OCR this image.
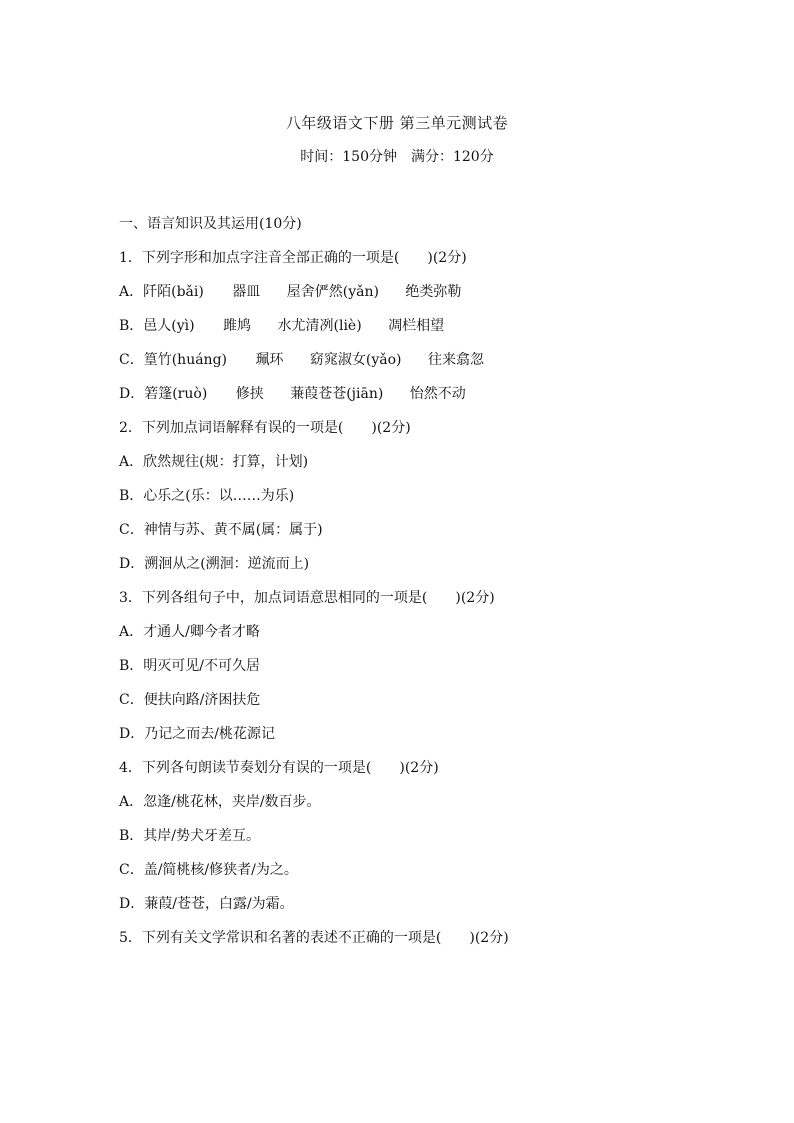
八年级语文下册 第三单元测试卷
时间：150分钟　满分：120分
一、语言知识及其运用(10分)
1．下列字形和加点字注音全部正确的一项是(　　)(2分)
A．阡陌(bǎi) 器皿 屋舍俨然(yǎn) 绝类弥勒
B．邑人(yì) 雎鸠 水尤清冽(liè) 凋栏相望
C．篁竹(huáng) 珮环 窈窕淑女(yǎo) 往来翕忽
D．箬篷(ruò) 修挟 蒹葭苍苍(jiān) 怡然不动
2．下列加点词语解释有误的一项是(　　)(2分)
A．欣然规往(规：打算，计划)
B．心乐之(乐：以……为乐)
C．神情与苏、黄不属(属：属于)
D．溯洄从之(溯洄：逆流而上)
3．下列各组句子中，加点词语意思相同的一项是(　　)(2分)
A．才通人/卿今者才略
B．明灭可见/不可久居
C．便扶向路/济困扶危
D．乃记之而去/桃花源记
4．下列各句朗读节奏划分有误的一项是(　　)(2分)
A．忽逢/桃花林，夹岸/数百步。
B．其岸/势犬牙差互。
C．盖/简桃核/修狭者/为之。
D．蒹葭/苍苍，白露/为霜。
5．下列有关文学常识和名著的表述不正确的一项是(　　)(2分)
